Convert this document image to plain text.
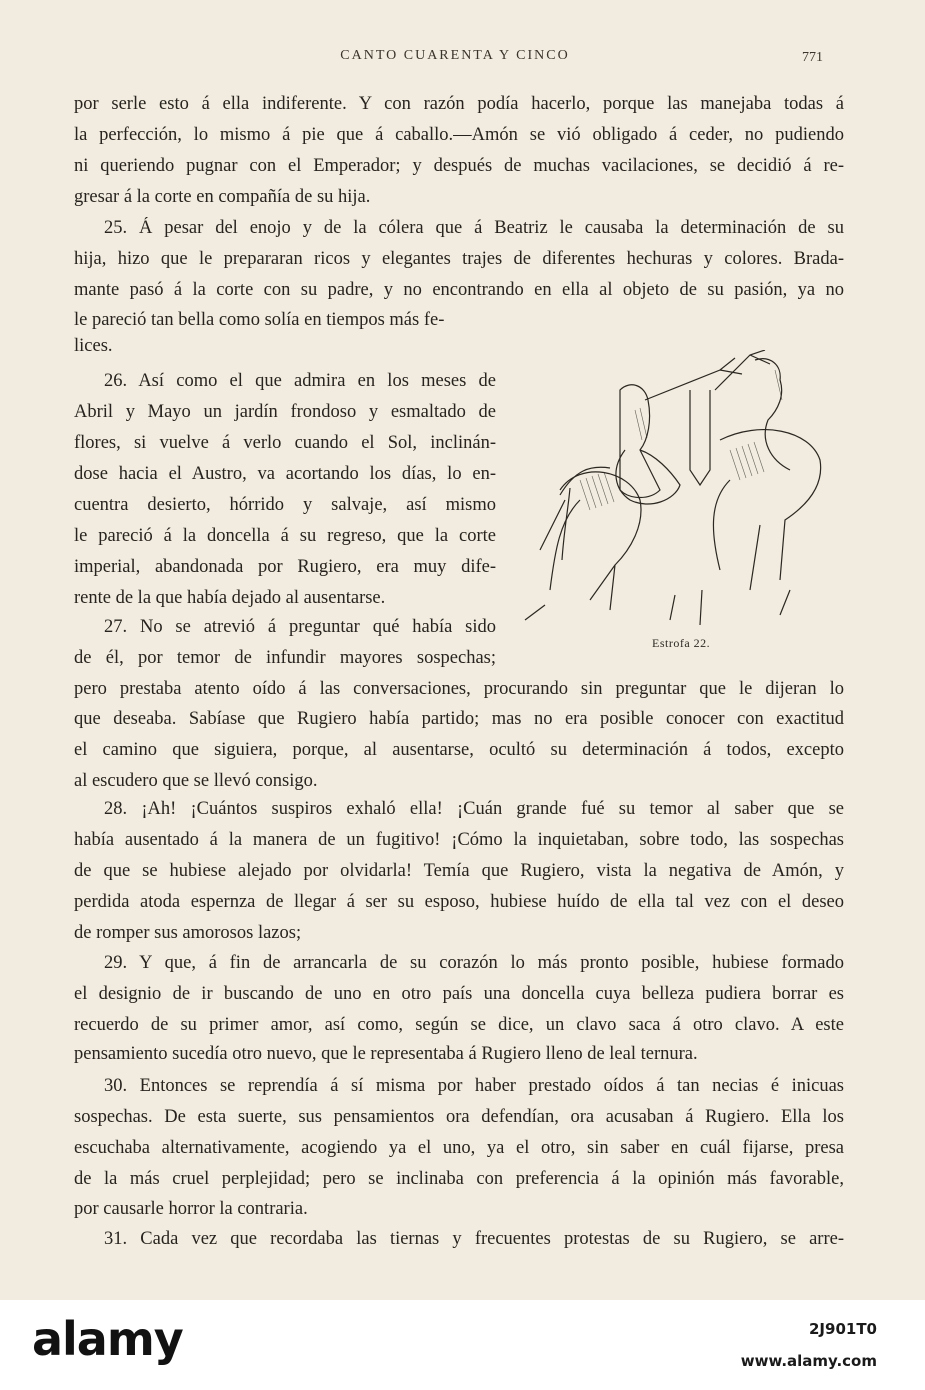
CANTO CUARENTA Y CINCO	771
por serle esto á ella indiferente. Y con razón podía hacerlo, porque las manejaba todas á
la perfección, lo mismo á pie que á caballo.—Amón se vió obligado á ceder, no pudiendo
ni queriendo pugnar con el Emperador; y después de muchas vacilaciones, se decidió á re-
gresar á la corte en compañía de su hija.
25. Á pesar del enojo y de la cólera que á Beatriz le causaba la determinación de su
hija, hizo que le prepararan ricos y elegantes trajes de diferentes hechuras y colores. Brada-
mante pasó á la corte con su padre, y no encontrando en ella al objeto de su pasión, ya no
le pareció tan bella como solía en tiempos más fe-
lices.
26. Así como el que admira en los meses de
Abril y Mayo un jardín frondoso y esmaltado de
flores, si vuelve á verlo cuando el Sol, inclinán-
dose hacia el Austro, va acortando los días, lo en-
cuentra desierto, hórrido y salvaje, así mismo
le pareció á la doncella á su regreso, que la corte
imperial, abandonada por Rugiero, era muy dife-
rente de la que había dejado al ausentarse.
27. No se atrevió á preguntar qué había sido
de él, por temor de infundir mayores sospechas;
pero prestaba atento oído á las conversaciones, procurando sin preguntar que le dijeran lo
que deseaba. Sabíase que Rugiero había partido; mas no era posible conocer con exactitud
el camino que siguiera, porque, al ausentarse, ocultó su determinación á todos, excepto
al escudero que se llevó consigo.
28. ¡Ah! ¡Cuántos suspiros exhaló ella! ¡Cuán grande fué su temor al saber que se
había ausentado á la manera de un fugitivo! ¡Cómo la inquietaban, sobre todo, las sospechas
de que se hubiese alejado por olvidarla! Temía que Rugiero, vista la negativa de Amón, y
perdida atoda espernza de llegar á ser su esposo, hubiese huído de ella tal vez con el deseo
de romper sus amorosos lazos;
29. Y que, á fin de arrancarla de su corazón lo más pronto posible, hubiese formado
el designio de ir buscando de uno en otro país una doncella cuya belleza pudiera borrar es
recuerdo de su primer amor, así como, según se dice, un clavo saca á otro clavo. A este
pensamiento sucedía otro nuevo, que le representaba á Rugiero lleno de leal ternura.
30. Entonces se reprendía á sí misma por haber prestado oídos á tan necias é inicuas
sospechas. De esta suerte, sus pensamientos ora defendían, ora acusaban á Rugiero. Ella los
escuchaba alternativamente, acogiendo ya el uno, ya el otro, sin saber en cuál fijarse, presa
de la más cruel perplejidad; pero se inclinaba con preferencia á la opinión más favorable,
por causarle horror la contraria.
31. Cada vez que recordaba las tiernas y frecuentes protestas de su Rugiero, se arre-
Estrofa 22.
alamy	2J901T0
www.alamy.com
